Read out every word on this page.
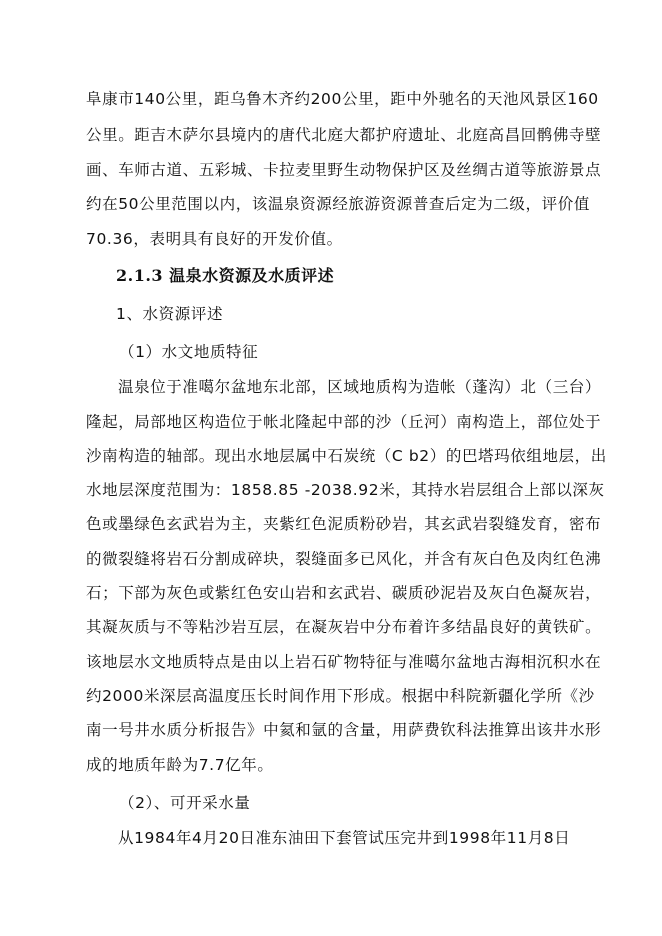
阜康市140公里，距乌鲁木齐约200公里，距中外驰名的天池风景区160
公里。距吉木萨尔县境内的唐代北庭大都护府遗址、北庭高昌回鹘佛寺壁
画、车师古道、五彩城、卡拉麦里野生动物保护区及丝绸古道等旅游景点
约在50公里范围以内，该温泉资源经旅游资源普查后定为二级，评价值
70.36，表明具有良好的开发价值。
2.1.3 温泉水资源及水质评述
1、水资源评述
（1）水文地质特征
温泉位于准噶尔盆地东北部，区域地质构为造帐（蓬沟）北（三台）
隆起，局部地区构造位于帐北隆起中部的沙（丘河）南构造上，部位处于
沙南构造的轴部。现出水地层属中石炭统（C b2）的巴塔玛依组地层，出
水地层深度范围为：1858.85 -2038.92米，其持水岩层组合上部以深灰
色或墨绿色玄武岩为主，夹紫红色泥质粉砂岩，其玄武岩裂缝发育，密布
的微裂缝将岩石分割成碎块，裂缝面多已风化，并含有灰白色及肉红色沸
石；下部为灰色或紫红色安山岩和玄武岩、碳质砂泥岩及灰白色凝灰岩，
其凝灰质与不等粘沙岩互层，在凝灰岩中分布着许多结晶良好的黄铁矿。
该地层水文地质特点是由以上岩石矿物特征与准噶尔盆地古海相沉积水在
约2000米深层高温度压长时间作用下形成。根据中科院新疆化学所《沙
南一号井水质分析报告》中氦和氩的含量，用萨费钦科法推算出该井水形
成的地质年龄为7.7亿年。
（2）、可开采水量
从1984年4月20日准东油田下套管试压完井到1998年11月8日
